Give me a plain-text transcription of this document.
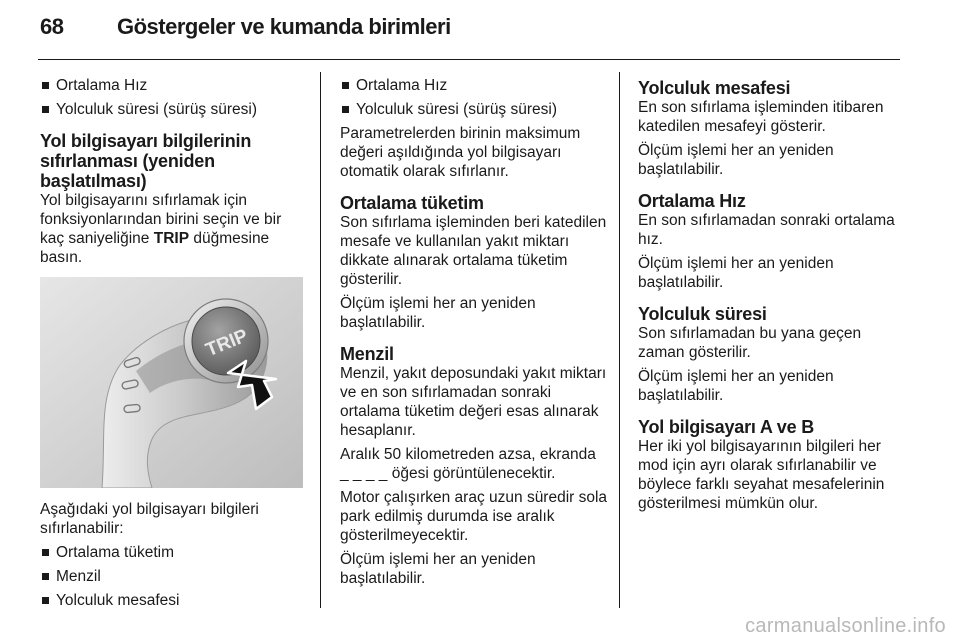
68 Göstergeler ve kumanda birimleri
Ortalama Hız
Yolculuk süresi (sürüş süresi)
Yol bilgisayarı bilgilerinin sıfırlanması (yeniden başlatılması)

Yol bilgisayarını sıfırlamak için fonksiyonlarından birini seçin ve bir kaç saniyeliğine TRIP düğmesine basın.

TRIP

Aşağıdaki yol bilgisayarı bilgileri sıfırlanabilir:

Ortalama tüketim
Menzil
Yolculuk mesafesi
Ortalama Hız
Yolculuk süresi (sürüş süresi)

Parametrelerden birinin maksimum değeri aşıldığında yol bilgisayarı otomatik olarak sıfırlanır.

Ortalama tüketim

Son sıfırlama işleminden beri katedilen mesafe ve kullanılan yakıt miktarı dikkate alınarak ortalama tüketim gösterilir.

Ölçüm işlemi her an yeniden başlatılabilir.

Menzil

Menzil, yakıt deposundaki yakıt miktarı ve en son sıfırlamadan sonraki ortalama tüketim değeri esas alınarak hesaplanır.

Aralık 50 kilometreden azsa, ekranda _ _ _ _ öğesi görüntülenecektir.

Motor çalışırken araç uzun süredir sola park edilmiş durumda ise aralık gösterilmeyecektir.

Ölçüm işlemi her an yeniden başlatılabilir.

Yolculuk mesafesi

En son sıfırlama işleminden itibaren katedilen mesafeyi gösterir.

Ölçüm işlemi her an yeniden başlatılabilir.

Ortalama Hız

En son sıfırlamadan sonraki ortalama hız.

Ölçüm işlemi her an yeniden başlatılabilir.

Yolculuk süresi

Son sıfırlamadan bu yana geçen zaman gösterilir.

Ölçüm işlemi her an yeniden başlatılabilir.

Yol bilgisayarı A ve B

Her iki yol bilgisayarının bilgileri her mod için ayrı olarak sıfırlanabilir ve böylece farklı seyahat mesafelerinin gösterilmesi mümkün olur.

carmanualsonline.info
